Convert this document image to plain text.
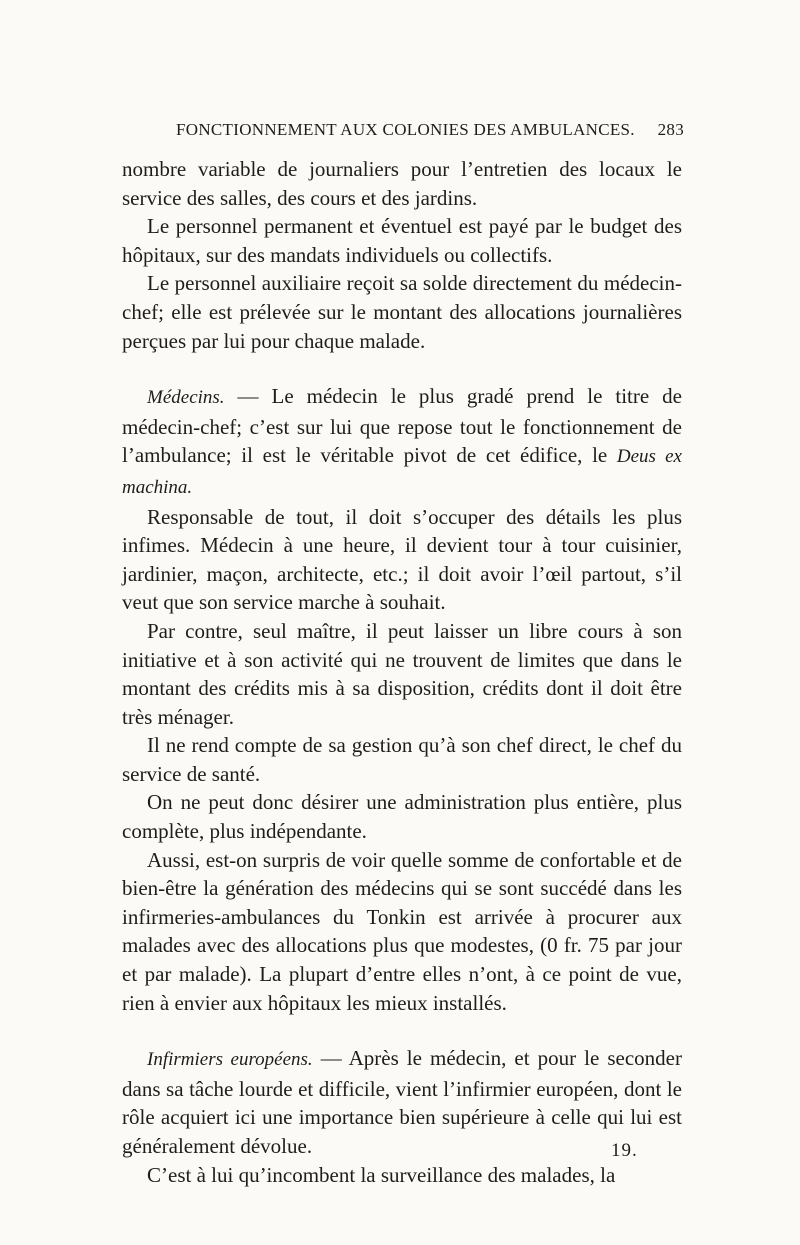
FONCTIONNEMENT AUX COLONIES DES AMBULANCES. 283

nombre variable de journaliers pour l’entretien des locaux le service des salles, des cours et des jardins.

Le personnel permanent et éventuel est payé par le budget des hôpitaux, sur des mandats individuels ou collectifs.

Le personnel auxiliaire reçoit sa solde directement du médecin-chef; elle est prélevée sur le montant des allocations journalières perçues par lui pour chaque malade.

Médecins. — Le médecin le plus gradé prend le titre de médecin-chef; c’est sur lui que repose tout le fonctionnement de l’ambulance; il est le véritable pivot de cet édifice, le Deus ex machina.

Responsable de tout, il doit s’occuper des détails les plus infimes. Médecin à une heure, il devient tour à tour cuisinier, jardinier, maçon, architecte, etc.; il doit avoir l’œil partout, s’il veut que son service marche à souhait.

Par contre, seul maître, il peut laisser un libre cours à son initiative et à son activité qui ne trouvent de limites que dans le montant des crédits mis à sa disposition, crédits dont il doit être très ménager.

Il ne rend compte de sa gestion qu’à son chef direct, le chef du service de santé.

On ne peut donc désirer une administration plus entière, plus complète, plus indépendante.

Aussi, est-on surpris de voir quelle somme de confortable et de bien-être la génération des médecins qui se sont succédé dans les infirmeries-ambulances du Tonkin est arrivée à procurer aux malades avec des allocations plus que modestes, (0 fr. 75 par jour et par malade). La plupart d’entre elles n’ont, à ce point de vue, rien à envier aux hôpitaux les mieux installés.

Infirmiers européens. — Après le médecin, et pour le seconder dans sa tâche lourde et difficile, vient l’infirmier européen, dont le rôle acquiert ici une importance bien supérieure à celle qui lui est généralement dévolue.

C’est à lui qu’incombent la surveillance des malades, la

19.
